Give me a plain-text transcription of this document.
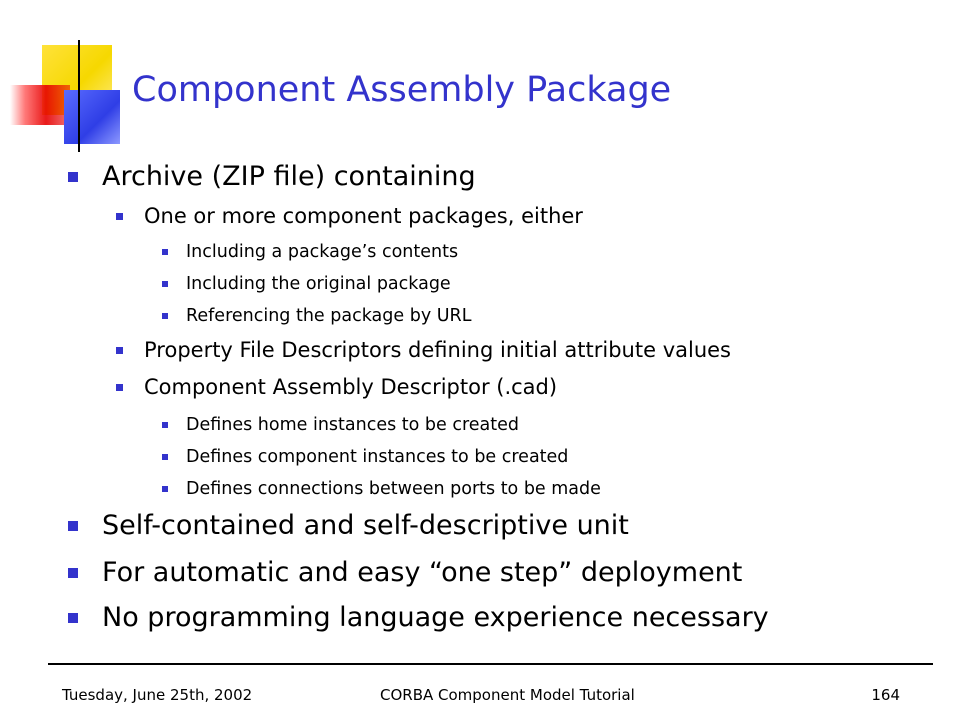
Component Assembly Package
Archive (ZIP file) containing
One or more component packages, either
Including a package’s contents
Including the original package
Referencing the package by URL
Property File Descriptors defining initial attribute values
Component Assembly Descriptor (.cad)
Defines home instances to be created
Defines component instances to be created
Defines connections between ports to be made
Self-contained and self-descriptive unit
For automatic and easy “one step” deployment
No programming language experience necessary
Tuesday, June 25th, 2002	CORBA Component Model Tutorial	164
